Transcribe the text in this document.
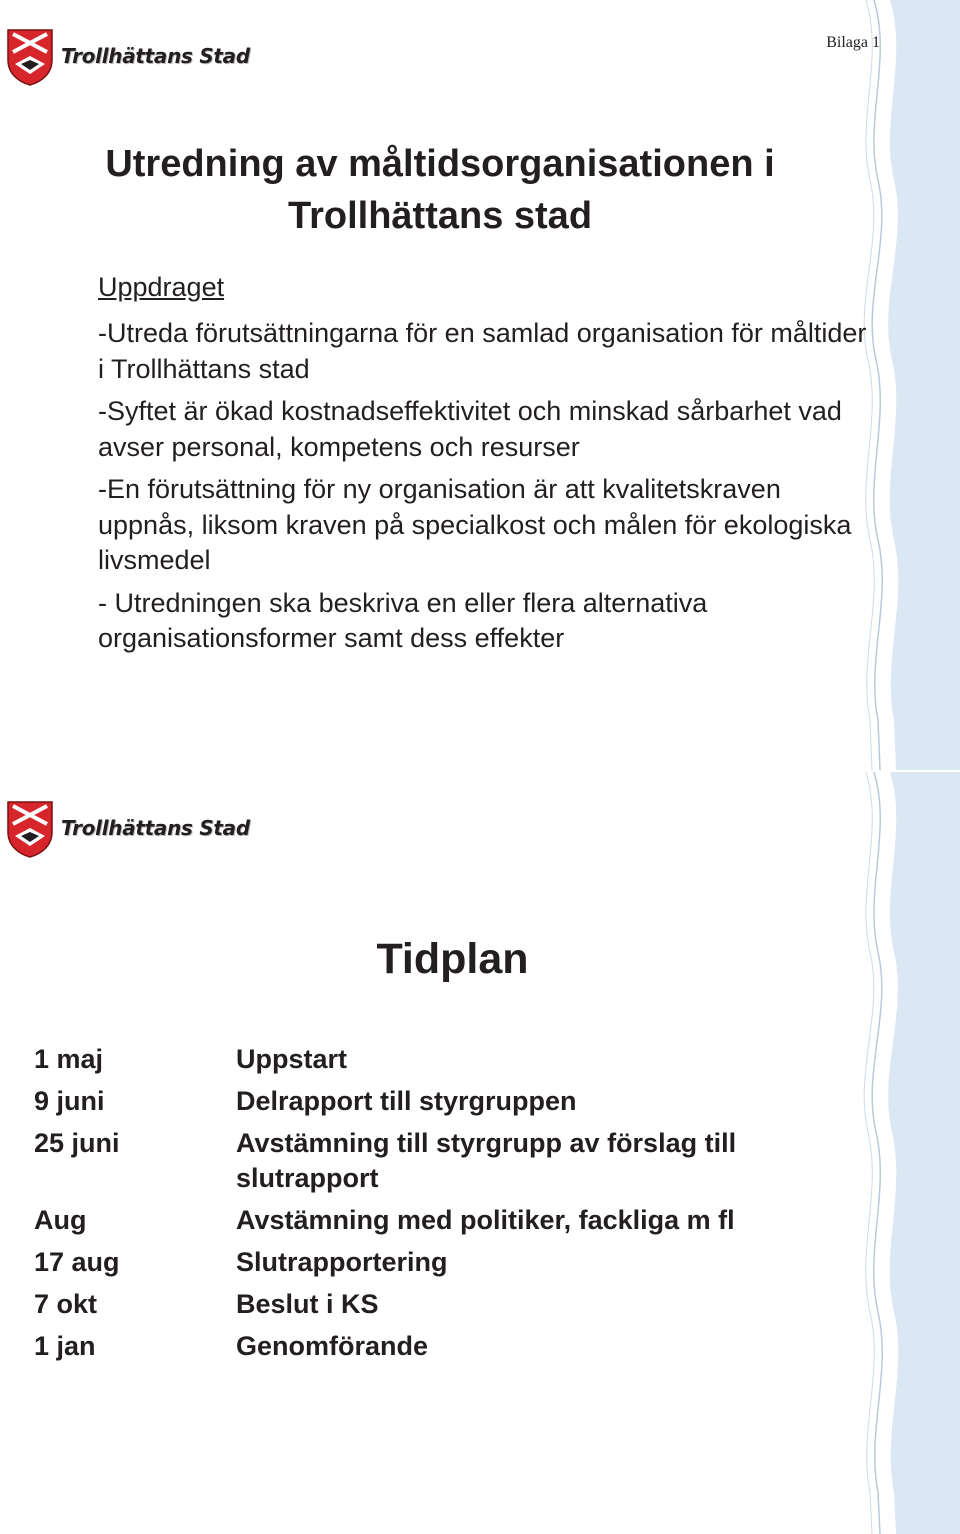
Bilaga 1
Trollhättans Stad
Utredning av måltidsorganisationen i
Trollhättans stad
Uppdraget

-Utreda förutsättningarna för en samlad organisation för måltider i Trollhättans stad

-Syftet är ökad kostnadseffektivitet och minskad sårbarhet vad avser personal, kompetens och resurser

-En förutsättning för ny organisation är att kvalitetskraven uppnås, liksom kraven på specialkost och målen för ekologiska livsmedel

- Utredningen ska beskriva en eller flera alternativa organisationsformer samt dess effekter

Trollhättans Stad
Tidplan
1 maj	Uppstart
9 juni	Delrapport till styrgruppen
25 juni	Avstämning till styrgrupp av förslag till slutrapport
Aug	Avstämning med politiker, fackliga m fl
17 aug	Slutrapportering
7 okt	Beslut i KS
1 jan	Genomförande
